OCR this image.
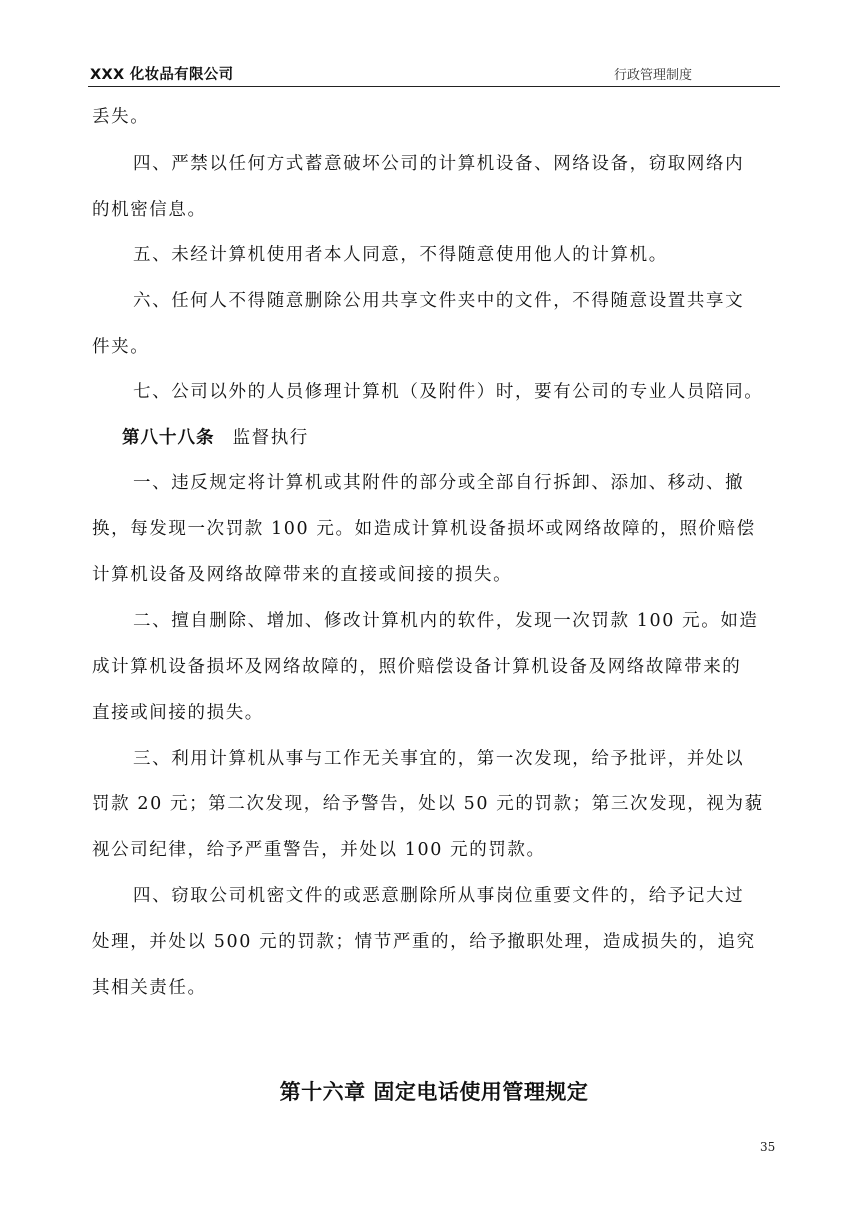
XXX 化妆品有限公司	行政管理制度
丢失。
四、严禁以任何方式蓄意破坏公司的计算机设备、网络设备，窃取网络内
的机密信息。
五、未经计算机使用者本人同意，不得随意使用他人的计算机。
六、任何人不得随意删除公用共享文件夹中的文件，不得随意设置共享文
件夹。
七、公司以外的人员修理计算机（及附件）时，要有公司的专业人员陪同。
第八十八条 监督执行
一、违反规定将计算机或其附件的部分或全部自行拆卸、添加、移动、撤
换，每发现一次罚款 100 元。如造成计算机设备损坏或网络故障的，照价赔偿
计算机设备及网络故障带来的直接或间接的损失。
二、擅自删除、增加、修改计算机内的软件，发现一次罚款 100 元。如造
成计算机设备损坏及网络故障的，照价赔偿设备计算机设备及网络故障带来的
直接或间接的损失。
三、利用计算机从事与工作无关事宜的，第一次发现，给予批评，并处以
罚款 20 元；第二次发现，给予警告，处以 50 元的罚款；第三次发现，视为藐
视公司纪律，给予严重警告，并处以 100 元的罚款。
四、窃取公司机密文件的或恶意删除所从事岗位重要文件的，给予记大过
处理，并处以 500 元的罚款；情节严重的，给予撤职处理，造成损失的，追究
其相关责任。
第十六章 固定电话使用管理规定
35
